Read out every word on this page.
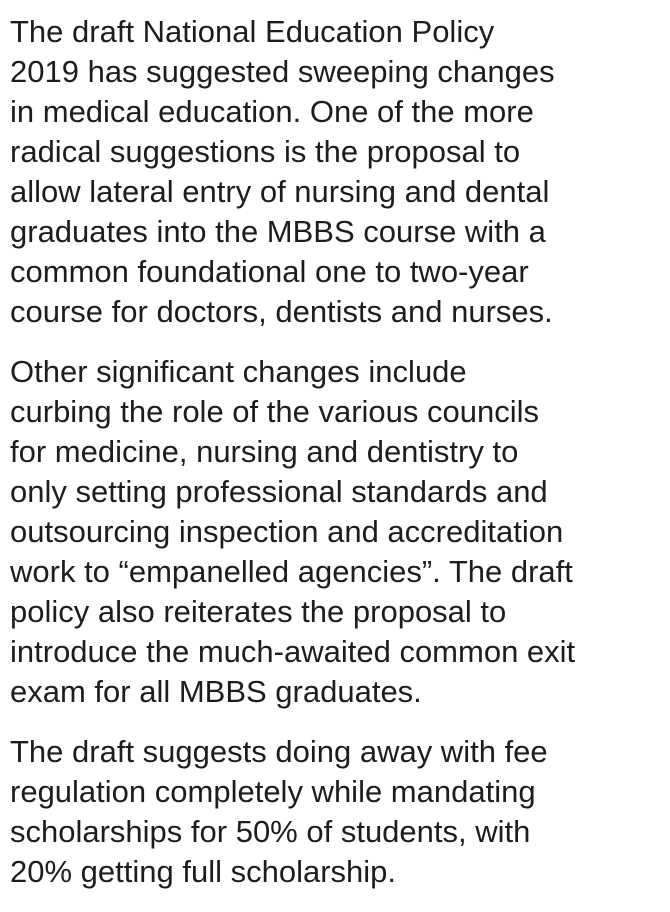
The draft National Education Policy
2019 has suggested sweeping changes
in medical education. One of the more
radical suggestions is the proposal to
allow lateral entry of nursing and dental
graduates into the MBBS course with a
common foundational one to two-year
course for doctors, dentists and nurses.

Other significant changes include
curbing the role of the various councils
for medicine, nursing and dentistry to
only setting professional standards and
outsourcing inspection and accreditation
work to “empanelled agencies”. The draft
policy also reiterates the proposal to
introduce the much-awaited common exit
exam for all MBBS graduates.

The draft suggests doing away with fee
regulation completely while mandating
scholarships for 50% of students, with
20% getting full scholarship.
